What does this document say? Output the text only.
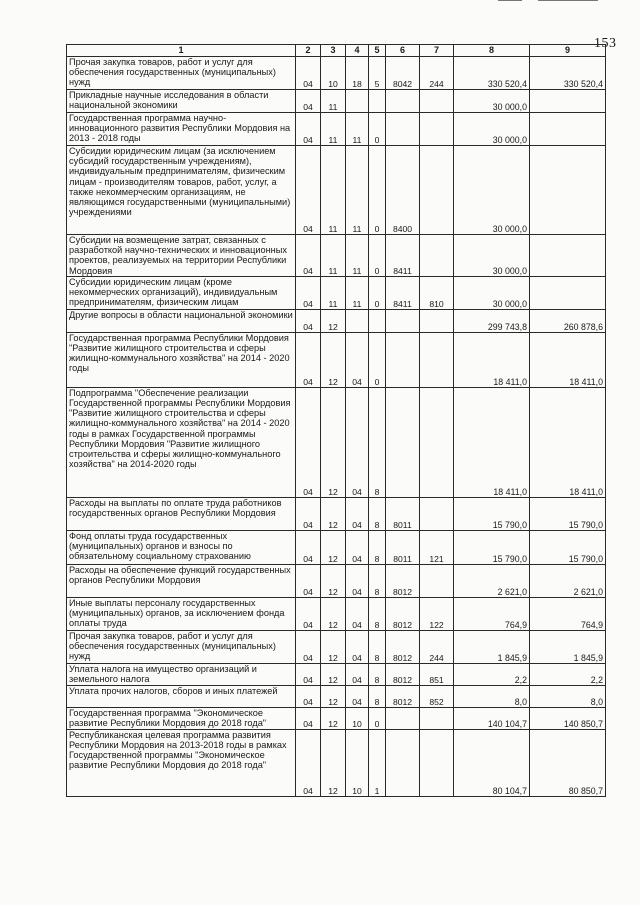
153
1	2	3	4	5	6	7	8	9
Прочая закупка товаров, работ и услуг для обеспечения государственных (муниципальных) нужд	04	10	18	5	8042	244	330 520,4	330 520,4
Прикладные научные исследования в области национальной экономики	04	11					30 000,0	
Государственная программа научно-инновационного развития Республики Мордовия на 2013 - 2018 годы	04	11	11	0			30 000,0	
Субсидии юридическим лицам (за исключением субсидий государственным учреждениям), индивидуальным предпринимателям, физическим лицам - производителям товаров, работ, услуг, а также некоммерческим организациям, не являющимся государственными (муниципальными) учреждениями	04	11	11	0	8400		30 000,0	
Субсидии на возмещение затрат, связанных с разработкой научно-технических и инновационных проектов, реализуемых на территории Республики Мордовия	04	11	11	0	8411		30 000,0	
Субсидии юридическим лицам (кроме некоммерческих организаций), индивидуальным предпринимателям, физическим лицам	04	11	11	0	8411	810	30 000,0	
Другие вопросы в области национальной экономики	04	12					299 743,8	260 878,6
Государственная программа Республики Мордовия "Развитие жилищного строительства и сферы жилищно-коммунального хозяйства" на 2014 - 2020 годы	04	12	04	0			18 411,0	18 411,0
Подпрограмма "Обеспечение реализации Государственной программы Республики Мордовия "Развитие жилищного строительства и сферы жилищно-коммунального хозяйства" на 2014 - 2020 годы в рамках Государственной программы Республики Мордовия "Развитие жилищного строительства и сферы жилищно-коммунального хозяйства" на 2014-2020 годы	04	12	04	8			18 411,0	18 411,0
Расходы на выплаты по оплате труда работников государственных органов Республики Мордовия	04	12	04	8	8011		15 790,0	15 790,0
Фонд оплаты труда государственных (муниципальных) органов и взносы по обязательному социальному страхованию	04	12	04	8	8011	121	15 790,0	15 790,0
Расходы на обеспечение функций государственных органов Республики Мордовия	04	12	04	8	8012		2 621,0	2 621,0
Иные выплаты персоналу государственных (муниципальных) органов, за исключением фонда оплаты труда	04	12	04	8	8012	122	764,9	764,9
Прочая закупка товаров, работ и услуг для обеспечения государственных (муниципальных) нужд	04	12	04	8	8012	244	1 845,9	1 845,9
Уплата налога на имущество организаций и земельного налога	04	12	04	8	8012	851	2,2	2,2
Уплата прочих налогов, сборов и иных платежей	04	12	04	8	8012	852	8,0	8,0
Государственная программа "Экономическое развитие Республики Мордовия до 2018 года"	04	12	10	0			140 104,7	140 850,7
Республиканская целевая программа развития Республики Мордовия на 2013-2018 годы в рамках Государственной программы "Экономическое развитие Республики Мордовия до 2018 года"	04	12	10	1			80 104,7	80 850,7
